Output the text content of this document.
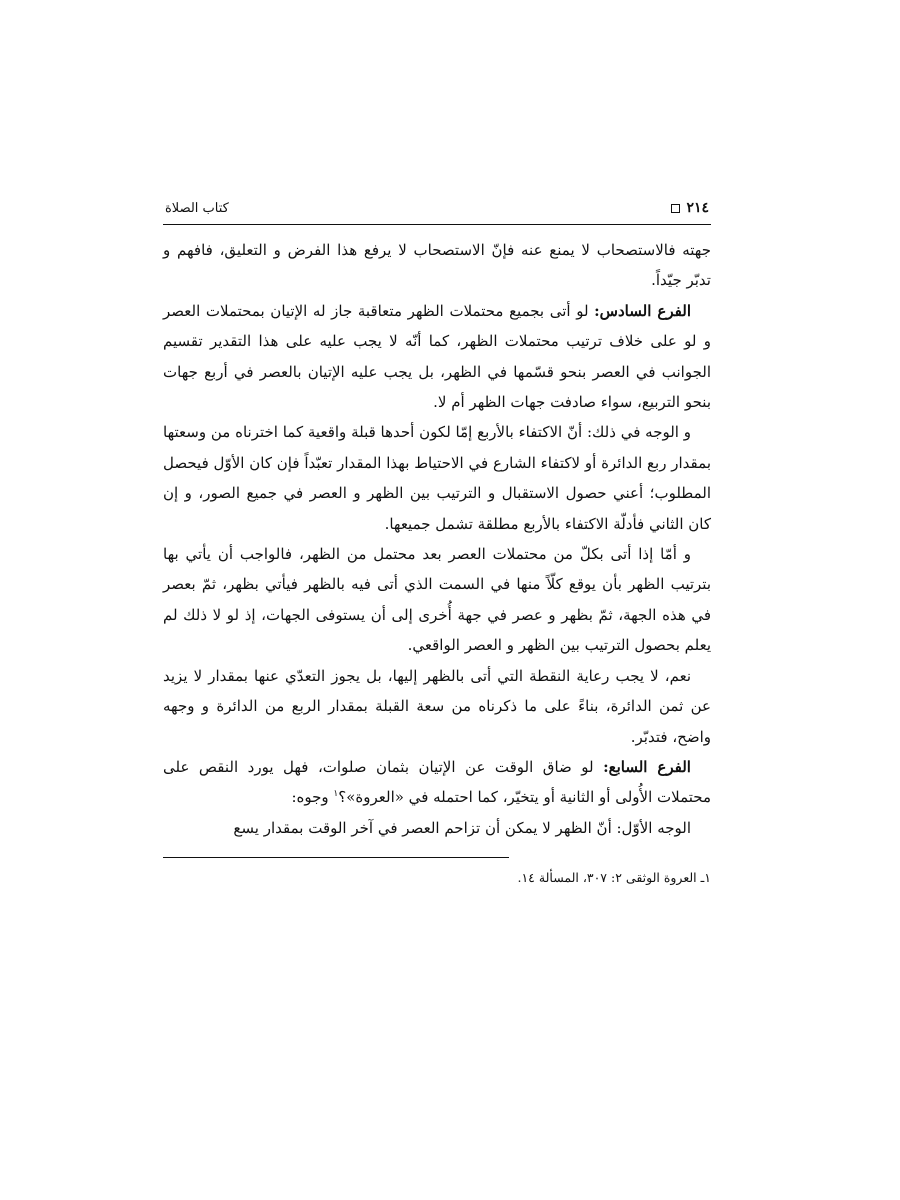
٢١٤
كتاب الصلاة

جهته فالاستصحاب لا يمنع عنه فإنّ الاستصحاب لا يرفع هذا الفرض و التعليق، فافهم و تدبّر جيّداً.

الفرع السادس: لو أتى بجميع محتملات الظهر متعاقبة جاز له الإتيان بمحتملات العصر و لو على خلاف ترتيب محتملات الظهر، كما أنّه لا يجب عليه على هذا التقدير تقسيم الجوانب في العصر بنحو قسّمها في الظهر، بل يجب عليه الإتيان بالعصر في أربع جهات بنحو التربيع، سواء صادفت جهات الظهر أم لا.

و الوجه في ذلك: أنّ الاكتفاء بالأربع إمّا لكون أحدها قبلة واقعية كما اخترناه من وسعتها بمقدار ربع الدائرة أو لاكتفاء الشارع في الاحتياط بهذا المقدار تعبّداً فإن كان الأوّل فيحصل المطلوب؛ أعني حصول الاستقبال و الترتيب بين الظهر و العصر في جميع الصور، و إن كان الثاني فأدلّة الاكتفاء بالأربع مطلقة تشمل جميعها.

و أمّا إذا أتى بكلّ من محتملات العصر بعد محتمل من الظهر، فالواجب أن يأتي بها بترتيب الظهر بأن يوقع كلّاً منها في السمت الذي أتى فيه بالظهر فيأتي بظهر، ثمّ بعصر في هذه الجهة، ثمّ بظهر و عصر في جهة أُخرى إلى أن يستوفى الجهات، إذ لو لا ذلك لم يعلم بحصول الترتيب بين الظهر و العصر الواقعي.

نعم، لا يجب رعاية النقطة التي أتى بالظهر إليها، بل يجوز التعدّي عنها بمقدار لا يزيد عن ثمن الدائرة، بناءً على ما ذكرناه من سعة القبلة بمقدار الربع من الدائرة و وجهه واضح، فتدبّر.

الفرع السابع: لو ضاق الوقت عن الإتيان بثمان صلوات، فهل يورد النقص على محتملات الأُولى أو الثانية أو يتخيّر، كما احتمله في «العروة»؟$^١$ وجوه:

الوجه الأوّل: أنّ الظهر لا يمكن أن تزاحم العصر في آخر الوقت بمقدار يسع

١ـ العروة الوثقى ٢: ٣٠٧، المسألة ١٤.
